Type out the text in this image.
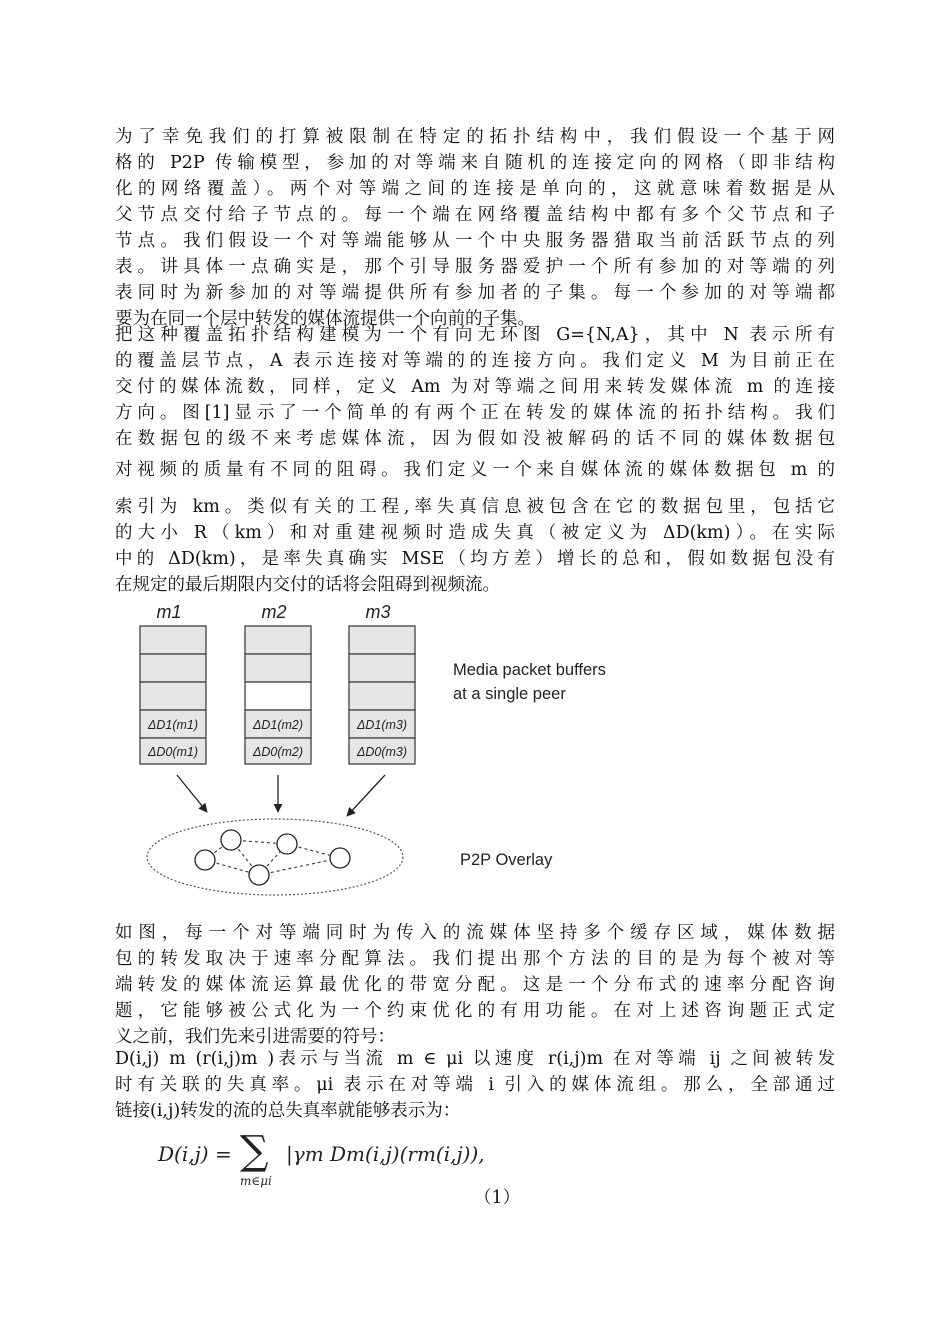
为了幸免我们的打算被限制在特定的拓扑结构中，我们假设一个基于网
格的 P2P 传输模型，参加的对等端来自随机的连接定向的网格（即非结构
化的网络覆盖）。两个对等端之间的连接是单向的，这就意味着数据是从
父节点交付给子节点的。每一个端在网络覆盖结构中都有多个父节点和子
节点。我们假设一个对等端能够从一个中央服务器猎取当前活跃节点的列
表。讲具体一点确实是，那个引导服务器爱护一个所有参加的对等端的列
表同时为新参加的对等端提供所有参加者的子集。每一个参加的对等端都
要为在同一个层中转发的媒体流提供一个向前的子集。
把这种覆盖拓扑结构建模为一个有向无环图 G={N,A}，其中 N 表示所有
的覆盖层节点，A 表示连接对等端的的连接方向。我们定义 M 为目前正在
交付的媒体流数，同样，定义 Am 为对等端之间用来转发媒体流 m 的连接
方向。图[1]显示了一个简单的有两个正在转发的媒体流的拓扑结构。我们
在数据包的级不来考虑媒体流，因为假如没被解码的话不同的媒体数据包
对视频的质量有不同的阻碍。我们定义一个来自媒体流的媒体数据包 m 的
索引为 km。类似有关的工程,率失真信息被包含在它的数据包里，包括它
的大小 R（km）和对重建视频时造成失真（被定义为 ΔD(km)）。在实际
中的 ΔD(km)，是率失真确实 MSE（均方差）增长的总和，假如数据包没有
在规定的最后期限内交付的话将会阻碍到视频流。
m1
ΔD1(m1)
ΔD0(m1)
m2
ΔD1(m2)
ΔD0(m2)
m3
ΔD1(m3)
ΔD0(m3)
Media packet buffers
at a single peer
P2P Overlay
如图，每一个对等端同时为传入的流媒体坚持多个缓存区域，媒体数据
包的转发取决于速率分配算法。我们提出那个方法的目的是为每个被对等
端转发的媒体流运算最优化的带宽分配。这是一个分布式的速率分配咨询
题，它能够被公式化为一个约束优化的有用功能。在对上述咨询题正式定
义之前，我们先来引进需要的符号：
D(i,j) m (r(i,j)m )表示与当流 m ∈ μi 以速度 r(i,j)m 在对等端 ij 之间被转发
时有关联的失真率。μi 表示在对等端 i 引入的媒体流组。那么，全部通过
链接(i,j)转发的流的总失真率就能够表示为：
D(i,j) = ∑
m∈μi
|γm Dm(i,j)(rm(i,j)),
（1）
